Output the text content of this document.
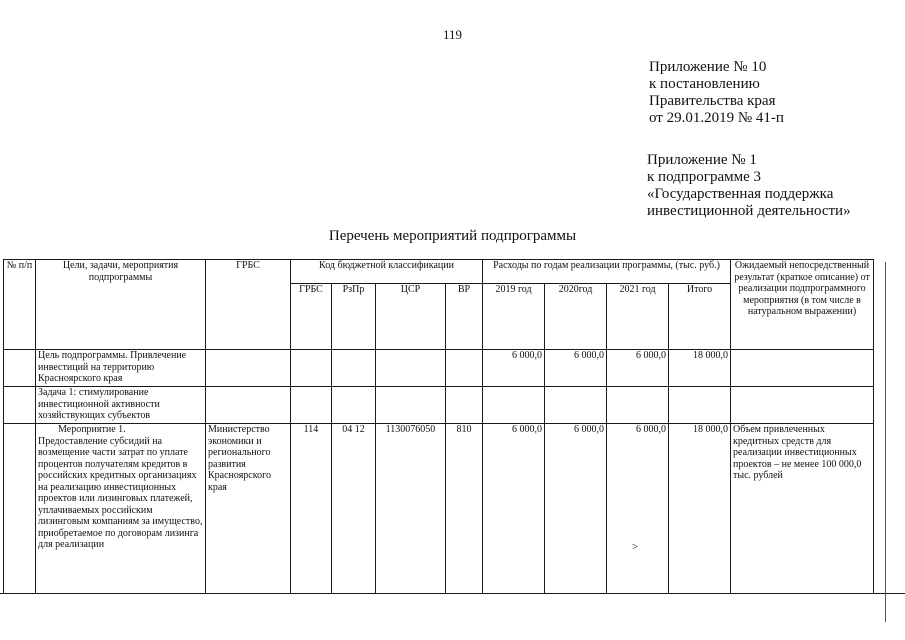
119
Приложение № 10
к постановлению
Правительства края
от 29.01.2019 № 41-п
Приложение № 1
к подпрограмме 3
«Государственная поддержка
инвестиционной деятельности»
Перечень мероприятий подпрограммы
№ п/п	Цели, задачи, мероприятия подпрограммы	ГРБС	Код бюджетной классификации				Расходы по годам реализации программы, (тыс. руб.)				Ожидаемый непосредственный результат (краткое описание) от реализации подпрограммного мероприятия (в том числе в натуральном выражении)
			ГРБС	РзПр	ЦСР	ВР	2019 год	2020год	2021 год	Итого	
	Цель подпрограммы. Привлечение инвестиций на территорию Красноярского края						6 000,0	6 000,0	6 000,0	18 000,0	
	Задача 1: стимулирование инвестиционной активности хозяйствующих субъектов										

	Мероприятие 1.
Предоставление субсидий на возмещение части затрат по уплате процентов получателям кредитов в российских кредитных организациях на реализацию инвестиционных проектов или лизинговых платежей, уплачиваемых российским лизинговым компаниям за имущество, приобретаемое по договорам лизинга для реализации	Министерство экономики и регионального развития Красноярского края	114	04 12	1130076050	810	6 000,0	6 000,0	6 000,0	18 000,0	Объем привлеченных кредитных средств для реализации инвестиционных проектов – не менее 100 000,0 тыс. рублей
˃
